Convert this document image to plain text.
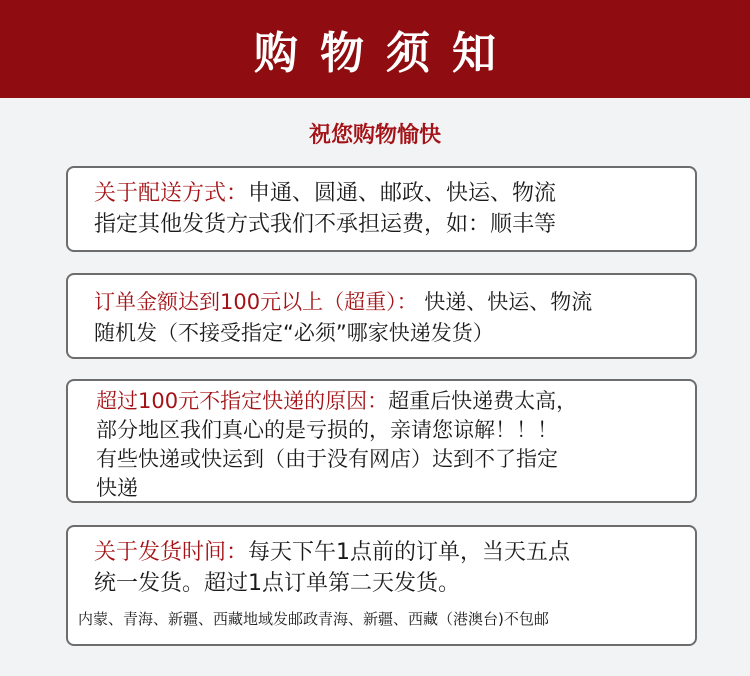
购物须知
祝您购物愉快
关于配送方式：申通、圆通、邮政、快运、物流
指定其他发货方式我们不承担运费，如：顺丰等
订单金额达到100元以上（超重）： 快递、快运、物流
随机发（不接受指定“必须”哪家快递发货）
超过100元不指定快递的原因：超重后快递费太高，
部分地区我们真心的是亏损的，亲请您谅解！！！
有些快递或快运到（由于没有网店）达到不了指定
快递
关于发货时间：每天下午1点前的订单，当天五点
统一发货。超过1点订单第二天发货。
内蒙、青海、新疆、西藏地域发邮政青海、新疆、西藏（港澳台)不包邮
